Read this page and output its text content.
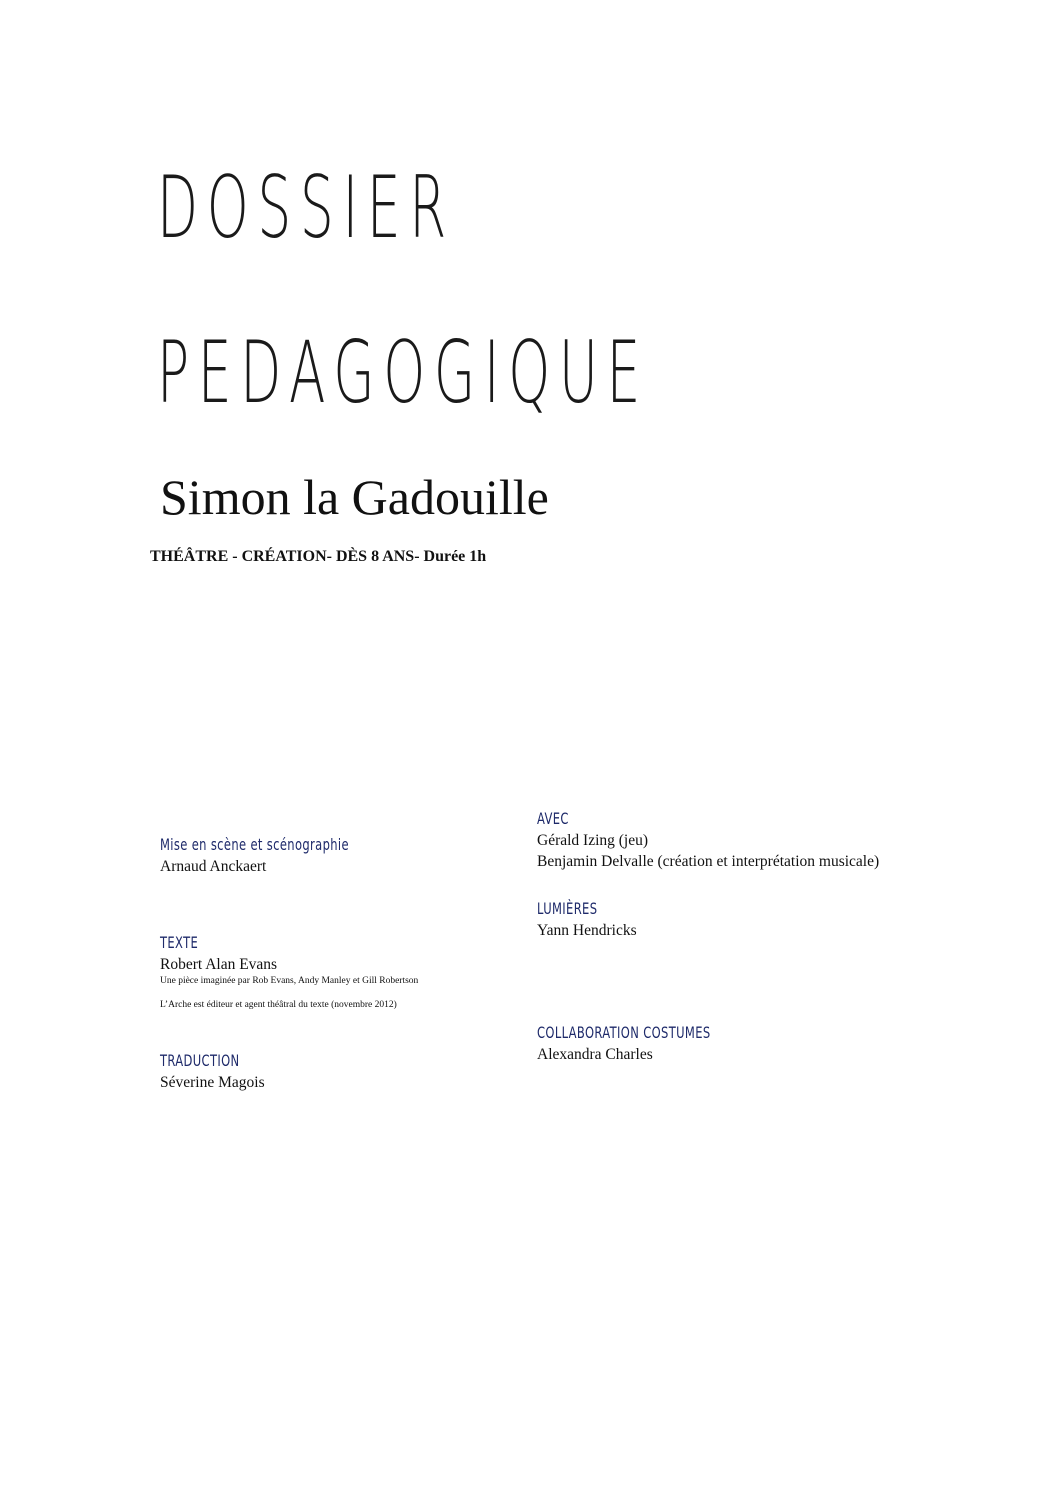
DOSSIER
PEDAGOGIQUE
Simon la Gadouille
THÉÂTRE - CRÉATION- DÈS 8 ANS- Durée 1h
Mise en scène et scénographie
Arnaud Anckaert
TEXTE
Robert Alan Evans
Une pièce imaginée par Rob Evans, Andy Manley et Gill Robertson
L’Arche est éditeur et agent théâtral du texte (novembre 2012)
TRADUCTION
Séverine Magois
AVEC
Gérald Izing (jeu)
Benjamin Delvalle (création et interprétation musicale)
LUMIÈRES
Yann Hendricks
COLLABORATION COSTUMES
Alexandra Charles
